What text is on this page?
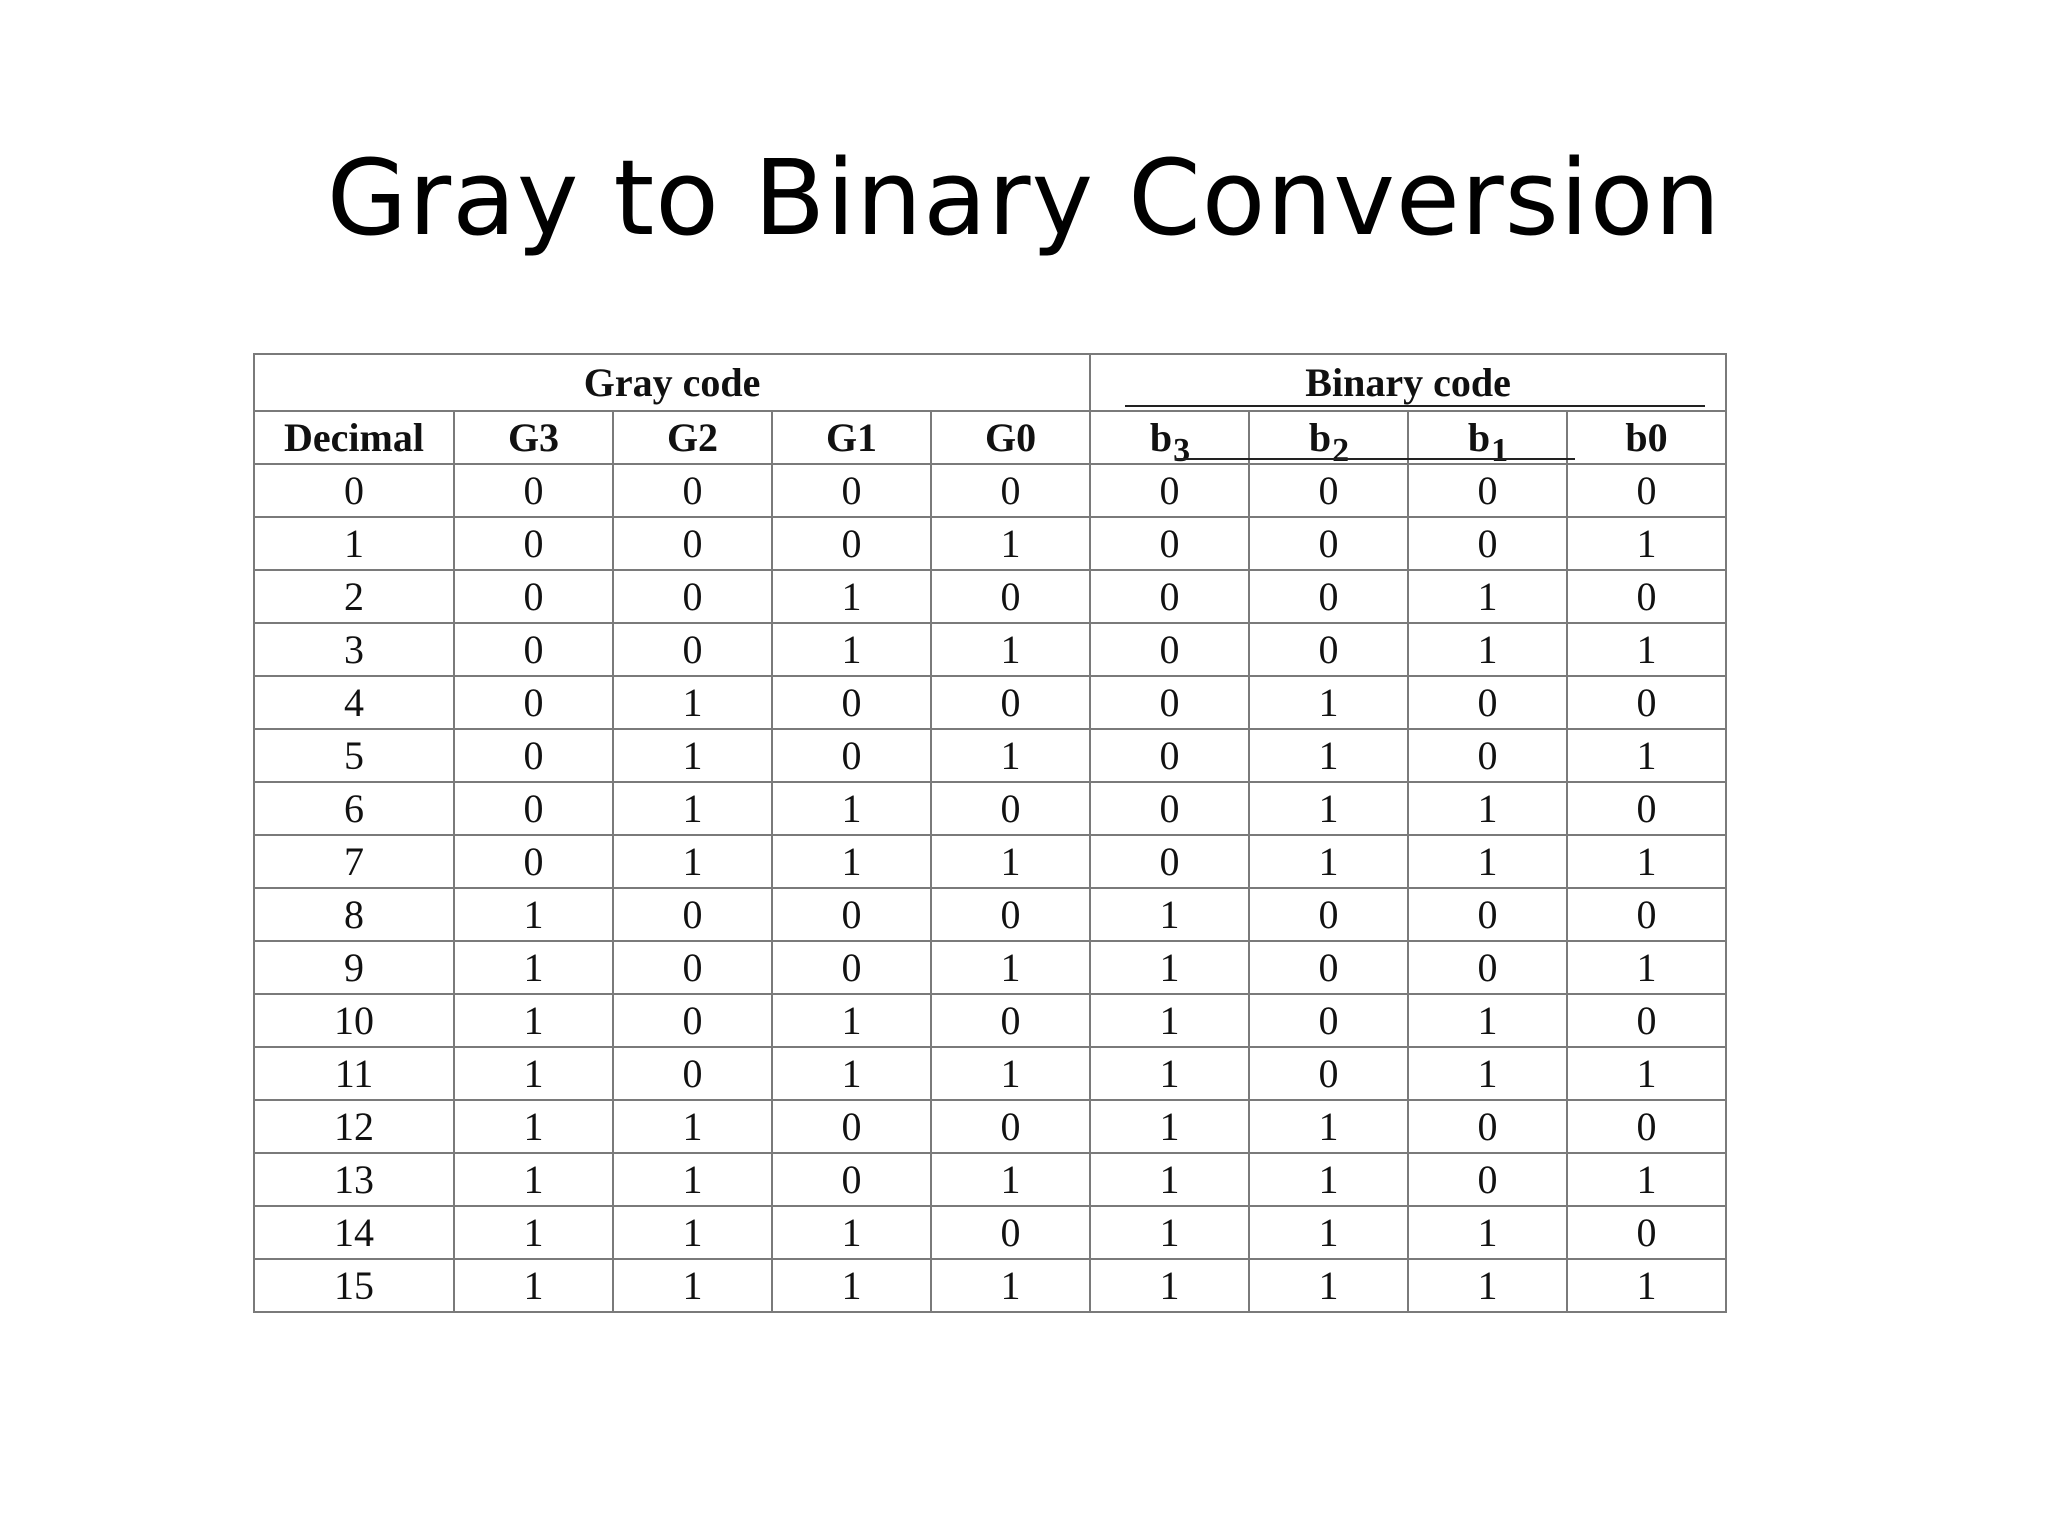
Gray to Binary Conversion
Gray code					Binary code			
Decimal	G3	G2	G1	G0	$b_3$	$b_2$	$b_1$	b0
0	0	0	0	0	0	0	0	0
1	0	0	0	1	0	0	0	1
2	0	0	1	0	0	0	1	0
3	0	0	1	1	0	0	1	1
4	0	1	0	0	0	1	0	0
5	0	1	0	1	0	1	0	1
6	0	1	1	0	0	1	1	0
7	0	1	1	1	0	1	1	1
8	1	0	0	0	1	0	0	0
9	1	0	0	1	1	0	0	1
10	1	0	1	0	1	0	1	0
11	1	0	1	1	1	0	1	1
12	1	1	0	0	1	1	0	0
13	1	1	0	1	1	1	0	1
14	1	1	1	0	1	1	1	0
15	1	1	1	1	1	1	1	1
